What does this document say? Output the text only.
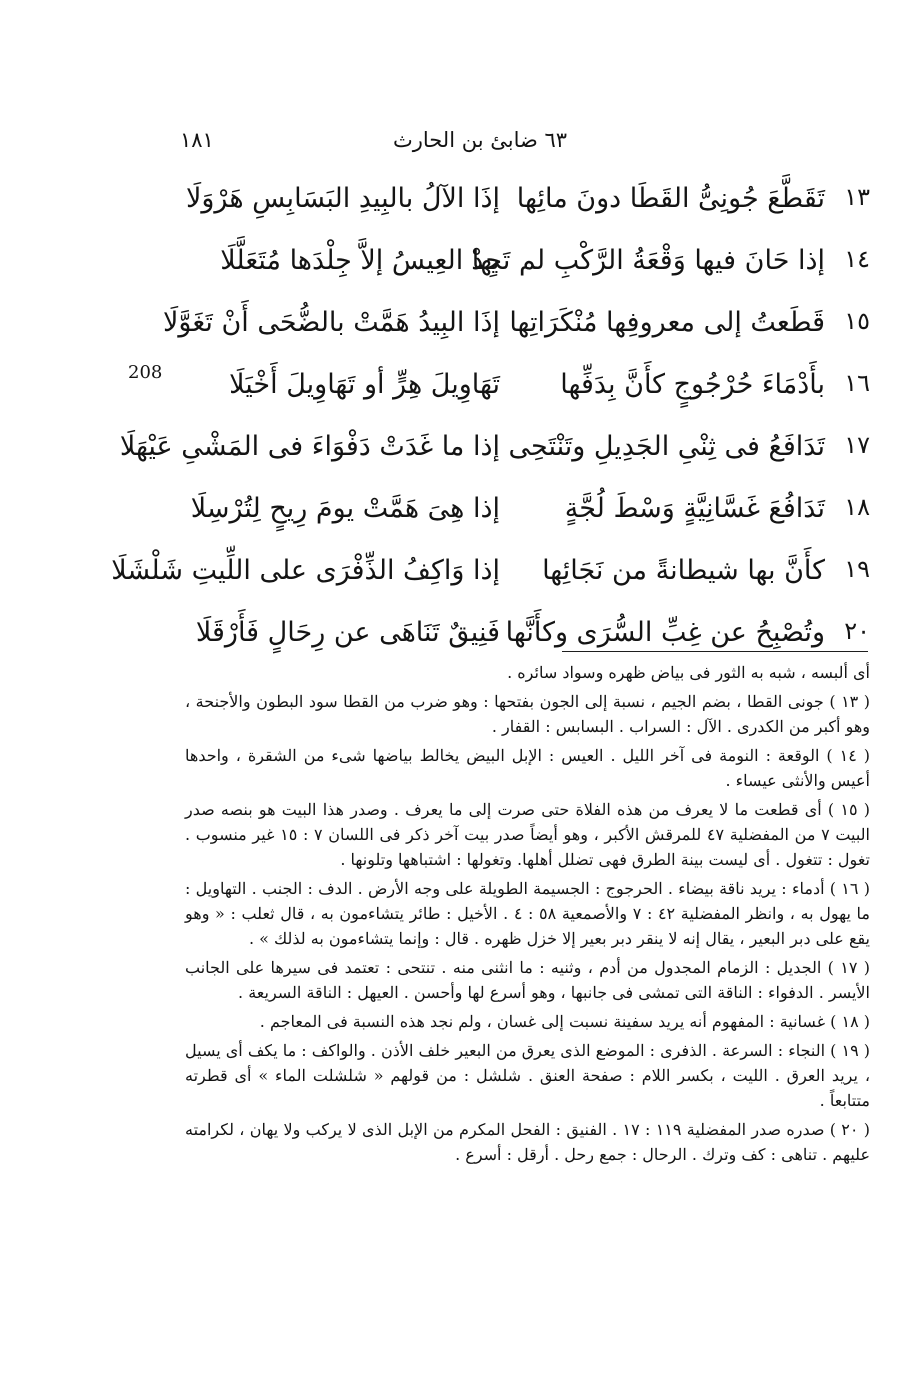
٦٣ ضابئ بن الحارث
١٨١
208
١٣
تَقَطَّعَ جُونِىُّ القَطَا دونَ مائِها
إذَا الآلُ بالبِيدِ البَسَابِسِ هَرْوَلَا
١٤
إذا حَانَ فيها وَقْعَةُ الرَّكْبِ لم تَجِدْ
بها العِيسُ إلاَّ جِلْدَها مُتَعَلَّلَا
١٥
قَطَعتُ إلى معروفِها مُنْكَرَاتِها
إذَا البِيدُ هَمَّتْ بالضُّحَى أَنْ تَغَوَّلَا
١٦
بأَدْمَاءَ حُرْجُوجٍ كأَنَّ بِدَفِّها
تَهَاوِيلَ هِرٍّ أو تَهَاوِيلَ أَخْيَلَا
١٧
تَدَافَعُ فى ثِنْىِ الجَدِيلِ وتَنْتَحِى
إذا ما غَدَتْ دَفْوَاءَ فى المَشْىِ عَيْهَلَا
١٨
تَدَافُعَ غَسَّانِيَّةٍ وَسْطَ لُجَّةٍ
إذا هِىَ هَمَّتْ يومَ رِيحٍ لِتُرْسِلَا
١٩
كأَنَّ بها شيطانةً من نَجَائِها
إذا وَاكِفُ الذِّفْرَى على اللِّيتِ شَلْشَلَا
٢٠
وتُصْبِحُ عن غِبِّ السُّرَى وكأَنَّها
فَنِيقٌ تَنَاهَى عن رِحَالٍ فَأَرْقَلَا

أى ألبسه ، شبه به الثور فى بياض ظهره وسواد سائره .

( ١٣ ) جونى القطا ، بضم الجيم ، نسبة إلى الجون بفتحها : وهو ضرب من القطا سود البطون والأجنحة ، وهو أكبر من الكدرى . الآل : السراب . البسابس : القفار .

( ١٤ ) الوقعة : النومة فى آخر الليل . العيس : الإبل البيض يخالط بياضها شىء من الشقرة ، واحدها أعيس والأنثى عيساء .

( ١٥ ) أى قطعت ما لا يعرف من هذه الفلاة حتى صرت إلى ما يعرف . وصدر هذا البيت هو بنصه صدر البيت ٧ من المفضلية ٤٧ للمرقش الأكبر ، وهو أيضاً صدر بيت آخر ذكر فى اللسان ٧ : ١٥ غير منسوب . تغول : تتغول . أى ليست بينة الطرق فهى تضلل أهلها. وتغولها : اشتباهها وتلونها .

( ١٦ ) أدماء : يريد ناقة بيضاء . الحرجوج : الجسيمة الطويلة على وجه الأرض . الدف : الجنب . التهاويل : ما يهول به ، وانظر المفضلية ٤٢ : ٧ والأصمعية ٥٨ : ٤ . الأخيل : طائر يتشاءمون به ، قال ثعلب : « وهو يقع على دبر البعير ، يقال إنه لا ينقر دبر بعير إلا خزل ظهره . قال : وإنما يتشاءمون به لذلك » .

( ١٧ ) الجديل : الزمام المجدول من أدم ، وثنيه : ما انثنى منه . تنتحى : تعتمد فى سيرها على الجانب الأيسر . الدفواء : الناقة التى تمشى فى جانبها ، وهو أسرع لها وأحسن . العيهل : الناقة السريعة .

( ١٨ ) غسانية : المفهوم أنه يريد سفينة نسبت إلى غسان ، ولم نجد هذه النسبة فى المعاجم .

( ١٩ ) النجاء : السرعة . الذفرى : الموضع الذى يعرق من البعير خلف الأذن . والواكف : ما يكف أى يسيل ، يريد العرق . الليت ، بكسر اللام : صفحة العنق . شلشل : من قولهم « شلشلت الماء » أى قطرته متتابعاً .

( ٢٠ ) صدره صدر المفضلية ١١٩ : ١٧ . الفنيق : الفحل المكرم من الإبل الذى لا يركب ولا يهان ، لكرامته عليهم . تناهى : كف وترك . الرحال : جمع رحل . أرقل : أسرع .
